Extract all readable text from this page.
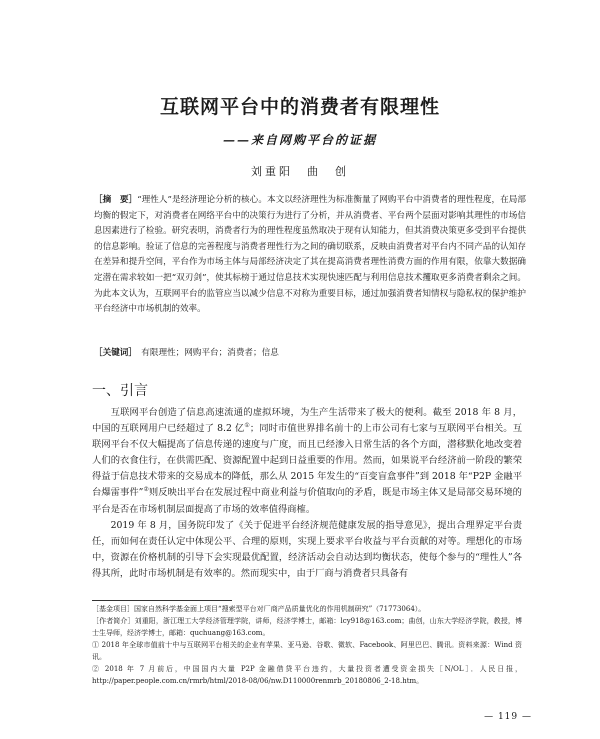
互联网平台中的消费者有限理性
——来自网购平台的证据
刘重阳　曲　创
［摘　要］“理性人”是经济理论分析的核心。本文以经济理性为标准衡量了网购平台中消费者的理性程度，在局部均衡的假定下，对消费者在网络平台中的决策行为进行了分析，并从消费者、平台两个层面对影响其理性的市场信息因素进行了检验。研究表明，消费者行为的理性程度虽然取决于现有认知能力，但其消费决策更多受到平台提供的信息影响。验证了信息的完善程度与消费者理性行为之间的确切联系，反映由消费者对平台内不同产品的认知存在差异和提升空间，平台作为市场主体与局部经济决定了其在提高消费者理性消费方面的作用有限，依靠大数据确定潜在需求较如一把“双刃剑”，使其标榜于通过信息技术实现快速匹配与利用信息技术攫取更多消费者剩余之间。为此本文认为，互联网平台的监管应当以减少信息不对称为重要目标，通过加强消费者知情权与隐私权的保护维护平台经济中市场机制的效率。
［关键词］　 有限理性；网购平台；消费者；信息
一、引言

互联网平台创造了信息高速流通的虚拟环境，为生产生活带来了极大的便利。截至 2018 年 8 月，中国的互联网用户已经超过了 8.2 亿①；同时市值世界排名前十的上市公司有七家与互联网平台相关。互联网平台不仅大幅提高了信息传递的速度与广度，而且已经渗入日常生活的各个方面，潜移默化地改变着人们的衣食住行，在供需匹配、资源配置中起到日益重要的作用。然而，如果说平台经济前一阶段的繁荣得益于信息技术带来的交易成本的降低，那么从 2015 年发生的“百变盲盒事件”到 2018 年“P2P 金融平台爆雷事件”②则反映出平台在发展过程中商业利益与价值取向的矛盾，既是市场主体又是局部交易环境的平台是否在市场机制层面提高了市场的效率值得商榷。

2019 年 8 月，国务院印发了《关于促进平台经济规范健康发展的指导意见》，提出合理界定平台责任，而如何在责任认定中体现公平、合理的原则，实现上要求平台收益与平台贡献的对等。理想化的市场中，资源在价格机制的引导下会实现最优配置，经济活动会自动达到均衡状态，使每个参与的“理性人”各得其所，此时市场机制是有效率的。然而现实中，由于厂商与消费者只具备有

［基金项目］国家自然科学基金面上项目“搜索型平台对厂商产品质量优化的作用机制研究”（71773064）。
［作者简介］刘重阳，浙江理工大学经济管理学院，讲师，经济学博士，邮箱：lcy918@163.com；曲创，山东大学经济学院，教授，博士生导师，经济学博士，邮箱：quchuang@163.com。
① 2018 年全球市值前十中与互联网平台相关的企业有苹果、亚马逊、谷歌、微软、Facebook、阿里巴巴、腾讯。资料来源：Wind 资讯。
② 2018 年 7 月前后，中国国内大量 P2P 金融借贷平台违约，大量投资者遭受资金损失［N/OL］．人民日报，http://paper.people.com.cn/rmrb/html/2018-08/06/nw.D110000renmrb_20180806_2-18.htm。
— 119 —
